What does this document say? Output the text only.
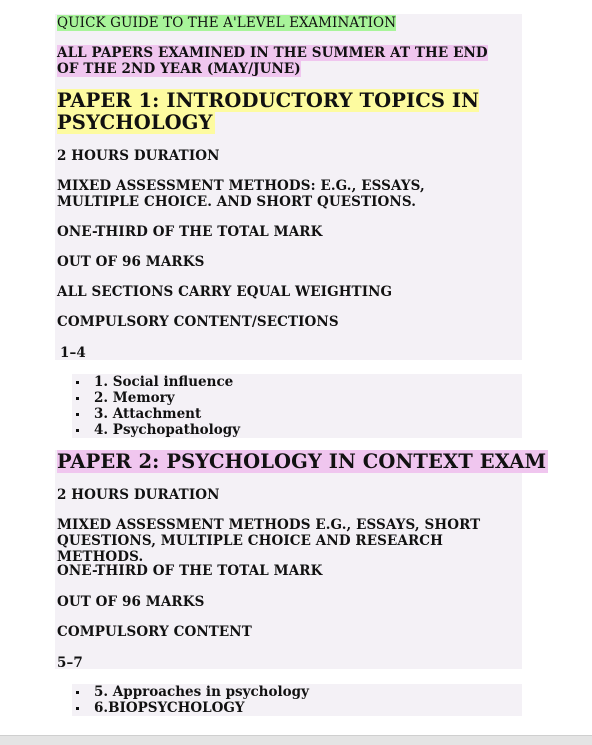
QUICK GUIDE TO THE A'LEVEL EXAMINATION
ALL PAPERS EXAMINED IN THE SUMMER AT THE END OF THE 2ND YEAR (MAY/JUNE)
PAPER 1: INTRODUCTORY TOPICS IN PSYCHOLOGY
2 HOURS DURATION
MIXED ASSESSMENT METHODS: E.G., ESSAYS, MULTIPLE CHOICE. AND SHORT QUESTIONS.
ONE-THIRD OF THE TOTAL MARK
OUT OF 96 MARKS
ALL SECTIONS CARRY EQUAL WEIGHTING
COMPULSORY CONTENT/SECTIONS
1–4
1. Social influence
2. Memory
3. Attachment
4. Psychopathology
PAPER 2: PSYCHOLOGY IN CONTEXT EXAM
2 HOURS DURATION
MIXED ASSESSMENT METHODS E.G., ESSAYS, SHORT QUESTIONS, MULTIPLE CHOICE AND RESEARCH METHODS.
ONE-THIRD OF THE TOTAL MARK
OUT OF 96 MARKS
COMPULSORY CONTENT
5–7
5. Approaches in psychology
6.BIOPSYCHOLOGY
